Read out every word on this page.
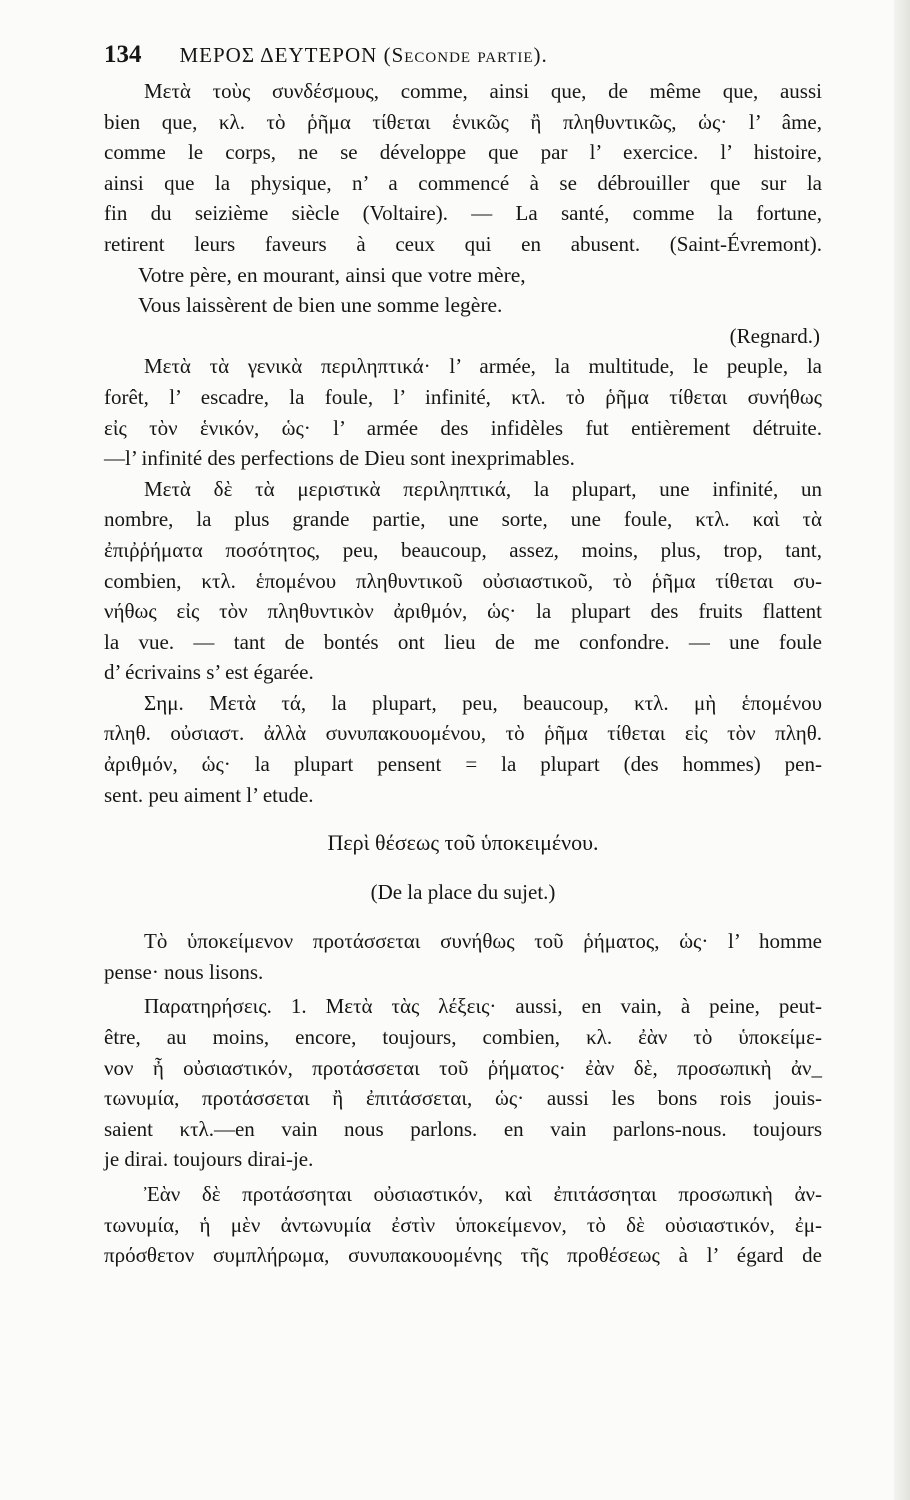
134 ΜΕΡΟΣ ΔΕΥΤΕΡΟΝ (Seconde partie).
Μετὰ τοὺς συνδέσμους, comme, ainsi que, de même que, aussi
bien que, κλ. τὸ ῥῆμα τίθεται ἑνικῶς ἢ πληθυντικῶς, ὡς· l’ âme,
comme le corps, ne se développe que par l’ exercice. l’ histoire,
ainsi que la physique, n’ a commencé à se débrouiller que sur la
fin du seizième siècle (Voltaire). — La santé, comme la fortune,
retirent leurs faveurs à ceux qui en abusent. (Saint-Évremont).
Votre père, en mourant, ainsi que votre mère,
Vous laissèrent de bien une somme legère.
(Regnard.)
Μετὰ τὰ γενικὰ περιληπτικά· l’ armée, la multitude, le peuple, la
forêt, l’ escadre, la foule, l’ infinité, κτλ. τὸ ῥῆμα τίθεται συνήθως
εἰς τὸν ἑνικόν, ὡς· l’ armée des infidèles fut entièrement détruite.
—l’ infinité des perfections de Dieu sont inexprimables.
Μετὰ δὲ τὰ μεριστικὰ περιληπτικά, la plupart, une infinité, un
nombre, la plus grande partie, une sorte, une foule, κτλ. καὶ τὰ
ἐπιῤῥήματα ποσότητος, peu, beaucoup, assez, moins, plus, trop, tant,
combien, κτλ. ἑπομένου πληθυντικοῦ οὐσιαστικοῦ, τὸ ῥῆμα τίθεται συ-
νήθως εἰς τὸν πληθυντικὸν ἀριθμόν, ὡς· la plupart des fruits flattent
la vue. — tant de bontés ont lieu de me confondre. — une foule
d’ écrivains s’ est égarée.
Σημ. Μετὰ τά, la plupart, peu, beaucoup, κτλ. μὴ ἑπομένου
πληθ. οὐσιαστ. ἀλλὰ συνυπακουομένου, τὸ ῥῆμα τίθεται εἰς τὸν πληθ.
ἀριθμόν, ὡς· la plupart pensent = la plupart (des hommes) pen-
sent. peu aiment l’ etude.
Περὶ θέσεως τοῦ ὑποκειμένου.
(De la place du sujet.)
Τὸ ὑποκείμενον προτάσσεται συνήθως τοῦ ῥήματος, ὡς· l’ homme
pense· nous lisons.
Παρατηρήσεις. 1. Μετὰ τὰς λέξεις· aussi, en vain, à peine, peut-
être, au moins, encore, toujours, combien, κλ. ἐὰν τὸ ὑποκείμε-
νον ἦ οὐσιαστικόν, προτάσσεται τοῦ ῥήματος· ἐὰν δὲ, προσωπικὴ ἀν_
τωνυμία, προτάσσεται ἢ ἐπιτάσσεται, ὡς· aussi les bons rois jouis-
saient κτλ.—en vain nous parlons. en vain parlons-nous. toujours
je dirai. toujours dirai-je.
Ἐὰν δὲ προτάσσηται οὐσιαστικόν, καὶ ἐπιτάσσηται προσωπικὴ ἀν-
τωνυμία, ἡ μὲν ἀντωνυμία ἐστὶν ὑποκείμενον, τὸ δὲ οὐσιαστικόν, ἐμ-
πρόσθετον συμπλήρωμα, συνυπακουομένης τῆς προθέσεως à l’ égard de
